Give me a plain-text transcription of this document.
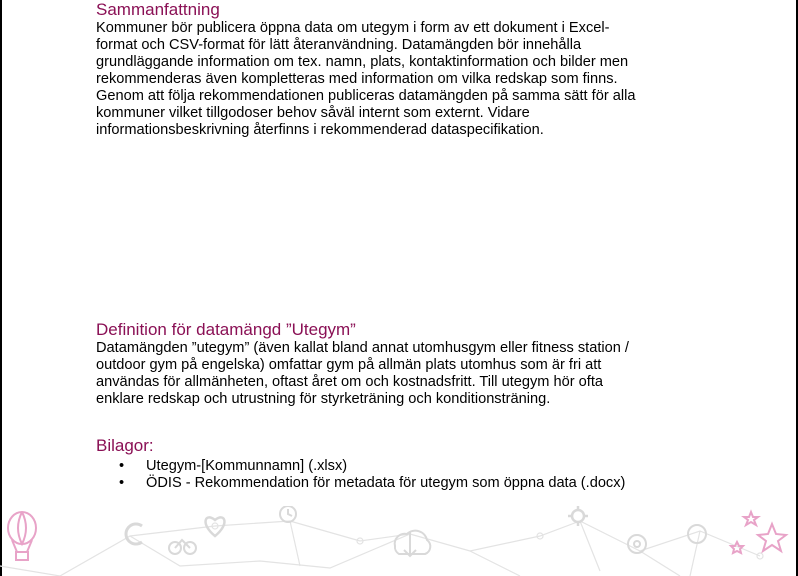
Sammanfattning

Kommuner bör publicera öppna data om utegym i form av ett dokument i Excel-
format och CSV-format för lätt återanvändning. Datamängden bör innehålla
grundläggande information om tex. namn, plats, kontaktinformation och bilder men
rekommenderas även kompletteras med information om vilka redskap som finns.
Genom att följa rekommendationen publiceras datamängden på samma sätt för alla
kommuner vilket tillgodoser behov såväl internt som externt. Vidare
informationsbeskrivning återfinns i rekommenderad dataspecifikation.

Definition för datamängd ”Utegym”

Datamängden ”utegym” (även kallat bland annat utomhusgym eller fitness station /
outdoor gym på engelska) omfattar gym på allmän plats utomhus som är fri att
användas för allmänheten, oftast året om och kostnadsfritt. Till utegym hör ofta
enklare redskap och utrustning för styrketräning och konditionsträning.

Bilagor:
• Utegym-[Kommunnamn] (.xlsx)
• ÖDIS - Rekommendation för metadata för utegym som öppna data (.docx)
